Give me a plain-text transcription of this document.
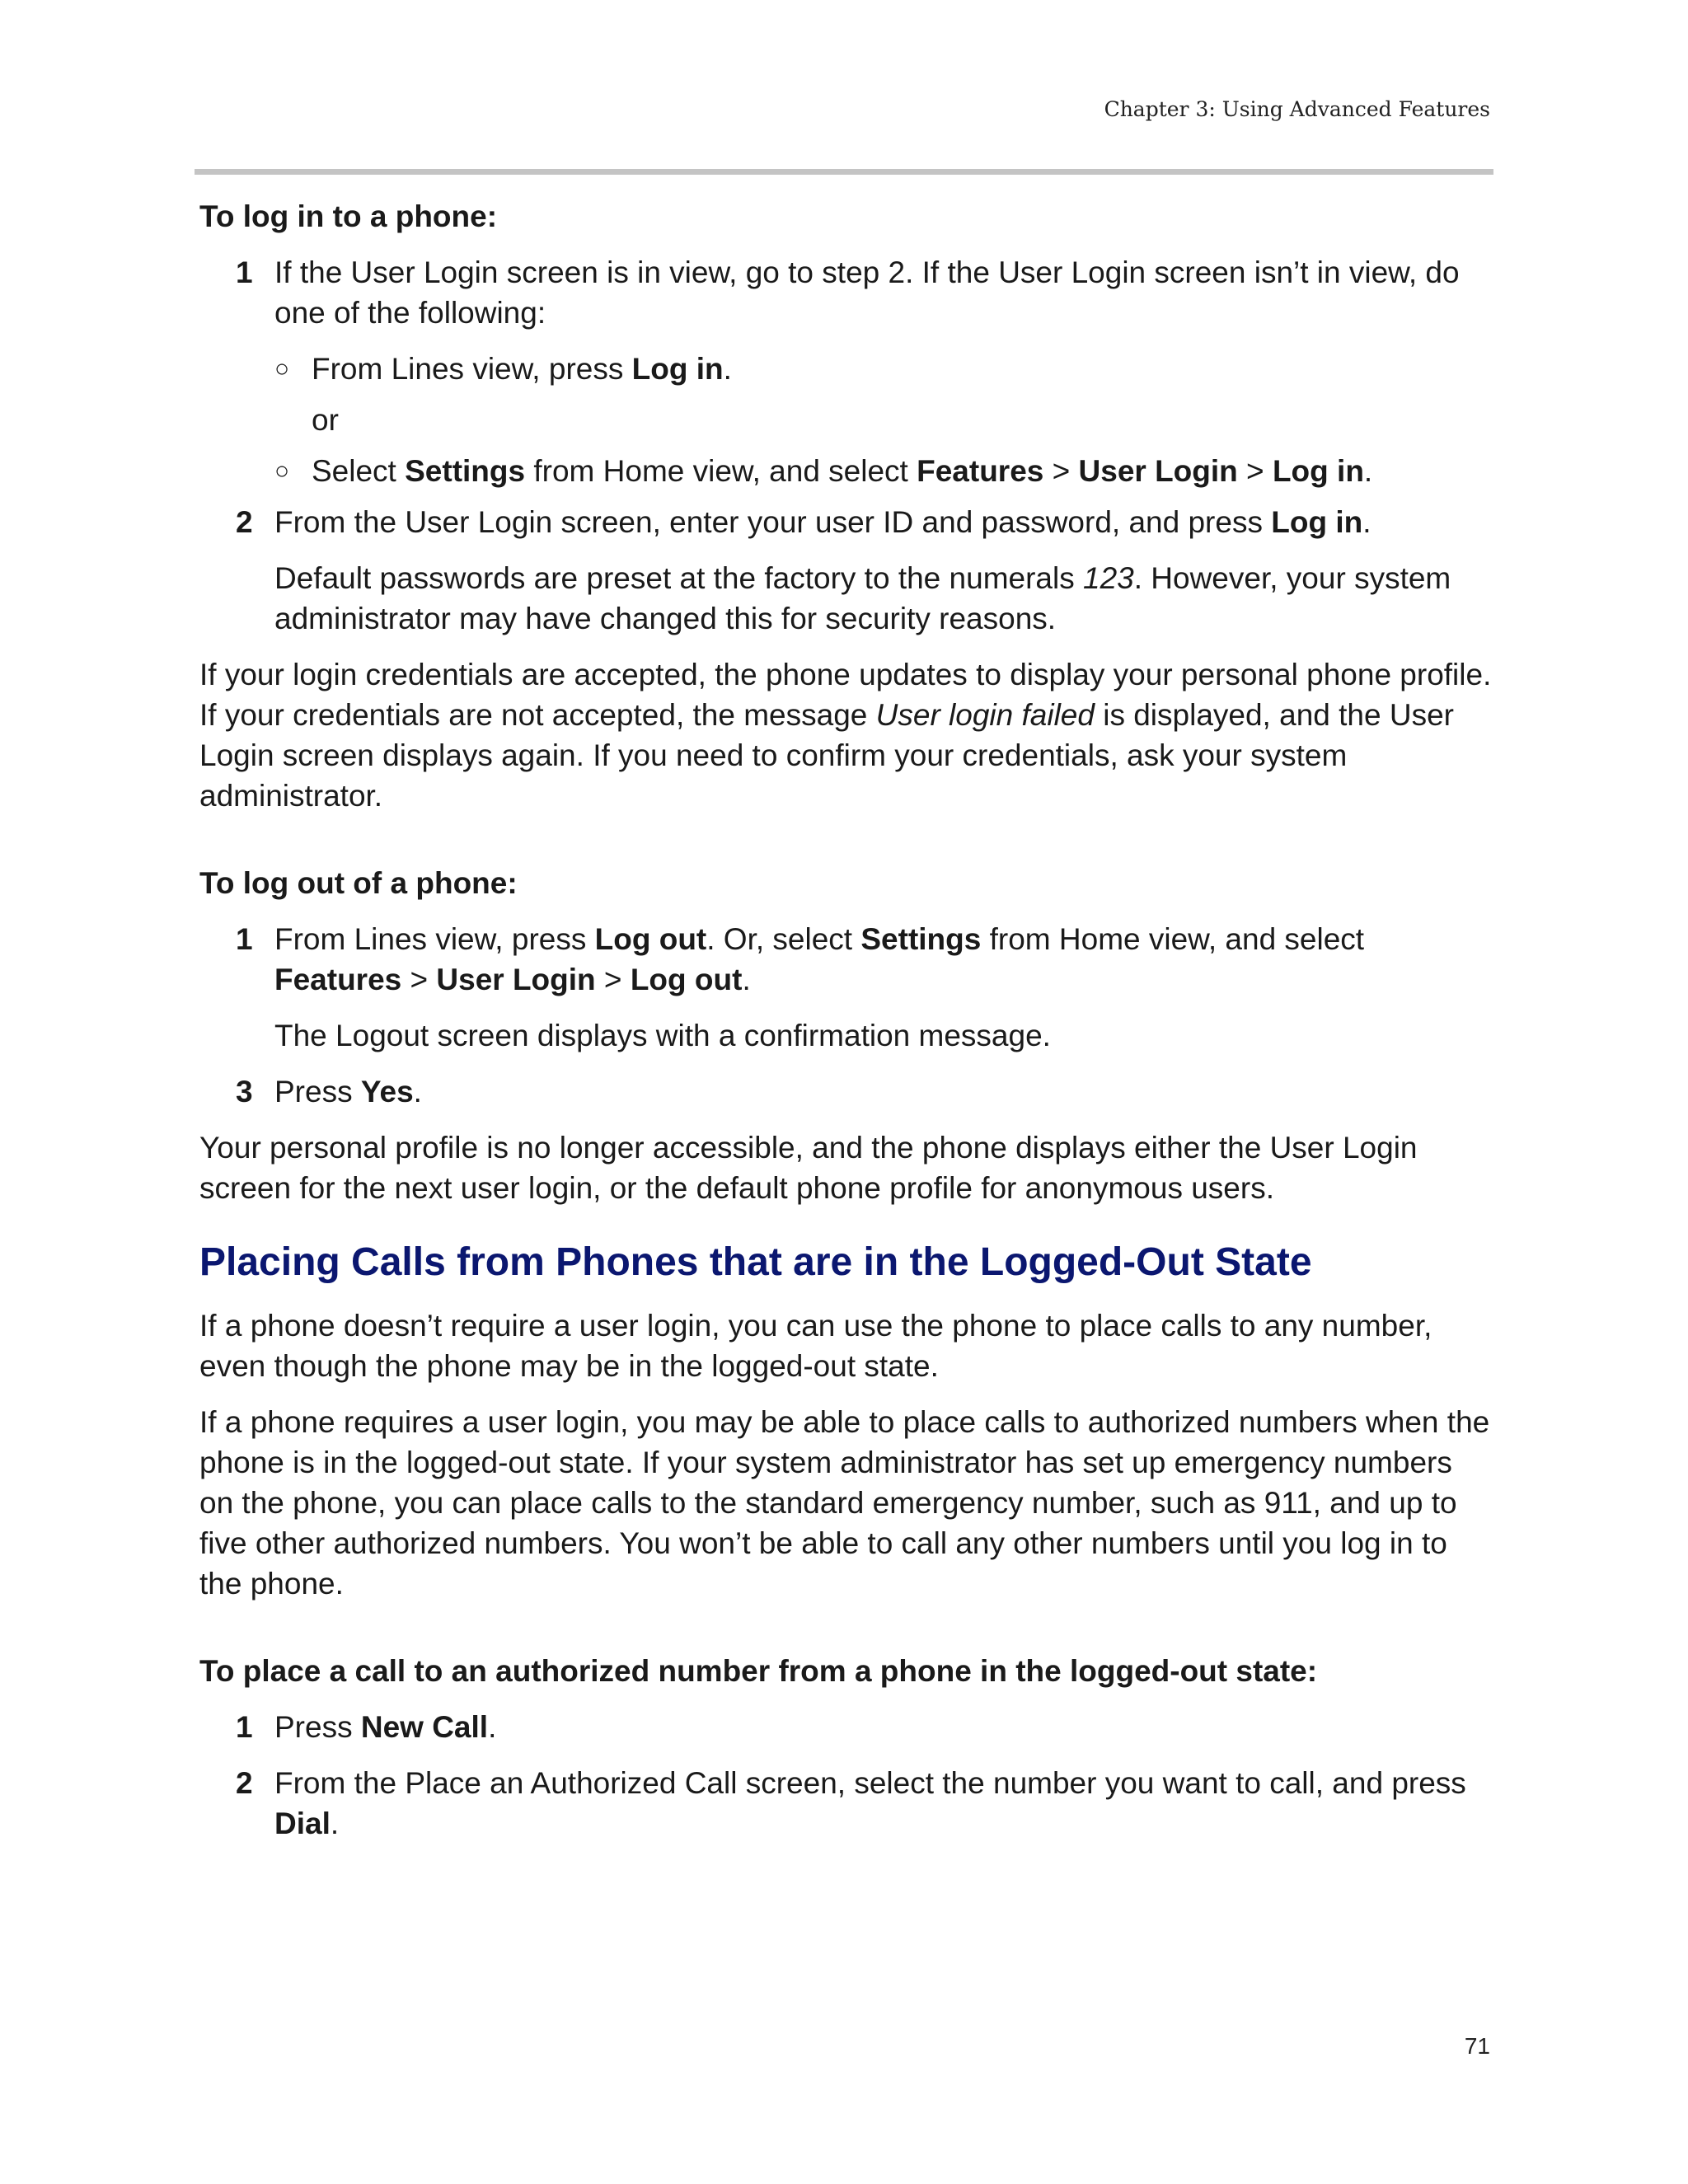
Chapter 3: Using Advanced Features
To log in to a phone:
1 If the User Login screen is in view, go to step 2. If the User Login screen isn’t in view, do one of the following:
○ From Lines view, press Log in.
or
○ Select Settings from Home view, and select Features > User Login > Log in.
2 From the User Login screen, enter your user ID and password, and press Log in.
Default passwords are preset at the factory to the numerals 123. However, your system administrator may have changed this for security reasons.
If your login credentials are accepted, the phone updates to display your personal phone profile. If your credentials are not accepted, the message User login failed is displayed, and the User Login screen displays again. If you need to confirm your credentials, ask your system administrator.
To log out of a phone:
1 From Lines view, press Log out. Or, select Settings from Home view, and select Features > User Login > Log out.
The Logout screen displays with a confirmation message.
3 Press Yes.
Your personal profile is no longer accessible, and the phone displays either the User Login screen for the next user login, or the default phone profile for anonymous users.
Placing Calls from Phones that are in the Logged-Out State
If a phone doesn’t require a user login, you can use the phone to place calls to any number, even though the phone may be in the logged-out state.
If a phone requires a user login, you may be able to place calls to authorized numbers when the phone is in the logged-out state. If your system administrator has set up emergency numbers on the phone, you can place calls to the standard emergency number, such as 911, and up to five other authorized numbers. You won’t be able to call any other numbers until you log in to the phone.
To place a call to an authorized number from a phone in the logged-out state:
1 Press New Call.
2 From the Place an Authorized Call screen, select the number you want to call, and press Dial.
71
